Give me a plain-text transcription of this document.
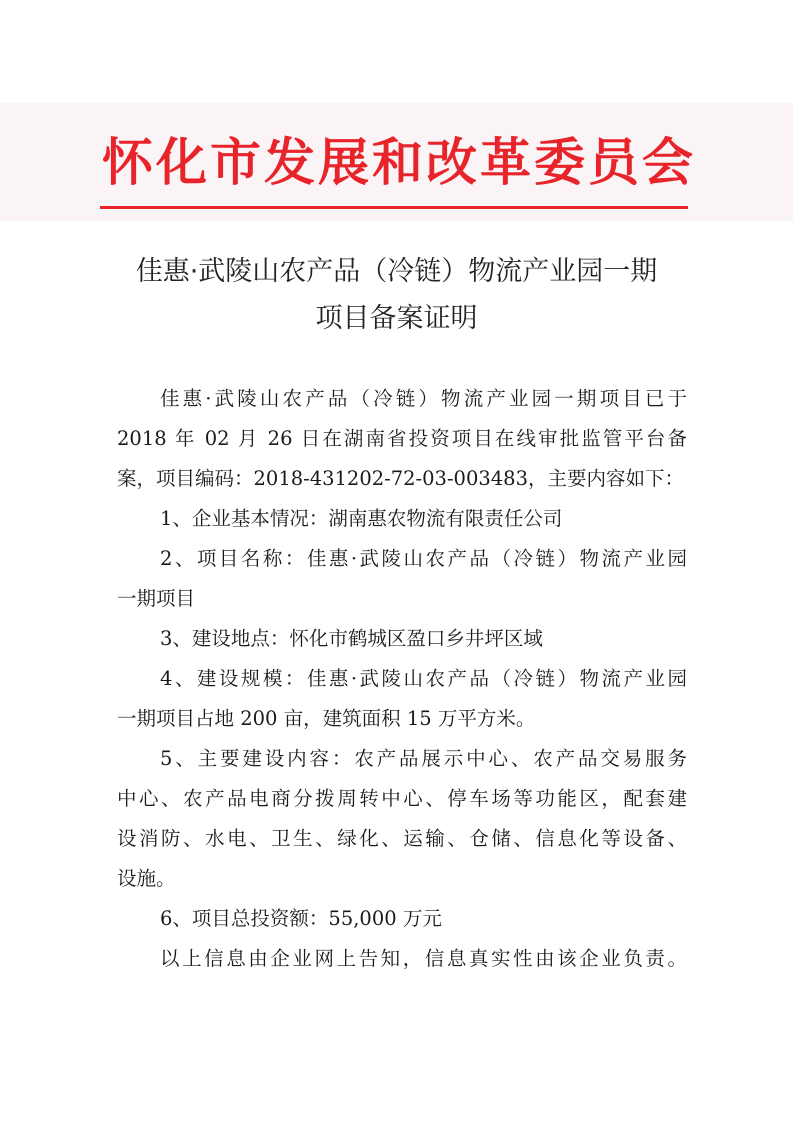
怀化市发展和改革委员会
佳惠·武陵山农产品（冷链）物流产业园一期
项目备案证明
佳惠·武陵山农产品（冷链）物流产业园一期项目已于
2018 年 02 月 26 日在湖南省投资项目在线审批监管平台备
案，项目编码：2018-431202-72-03-003483，主要内容如下：
1、企业基本情况：湖南惠农物流有限责任公司
2、项目名称：佳惠·武陵山农产品（冷链）物流产业园
一期项目
3、建设地点：怀化市鹤城区盈口乡井坪区域
4、建设规模：佳惠·武陵山农产品（冷链）物流产业园
一期项目占地 200 亩，建筑面积 15 万平方米。
5、主要建设内容：农产品展示中心、农产品交易服务
中心、农产品电商分拨周转中心、停车场等功能区，配套建
设消防、水电、卫生、绿化、运输、仓储、信息化等设备、
设施。
6、项目总投资额：55,000 万元
以上信息由企业网上告知，信息真实性由该企业负责。
